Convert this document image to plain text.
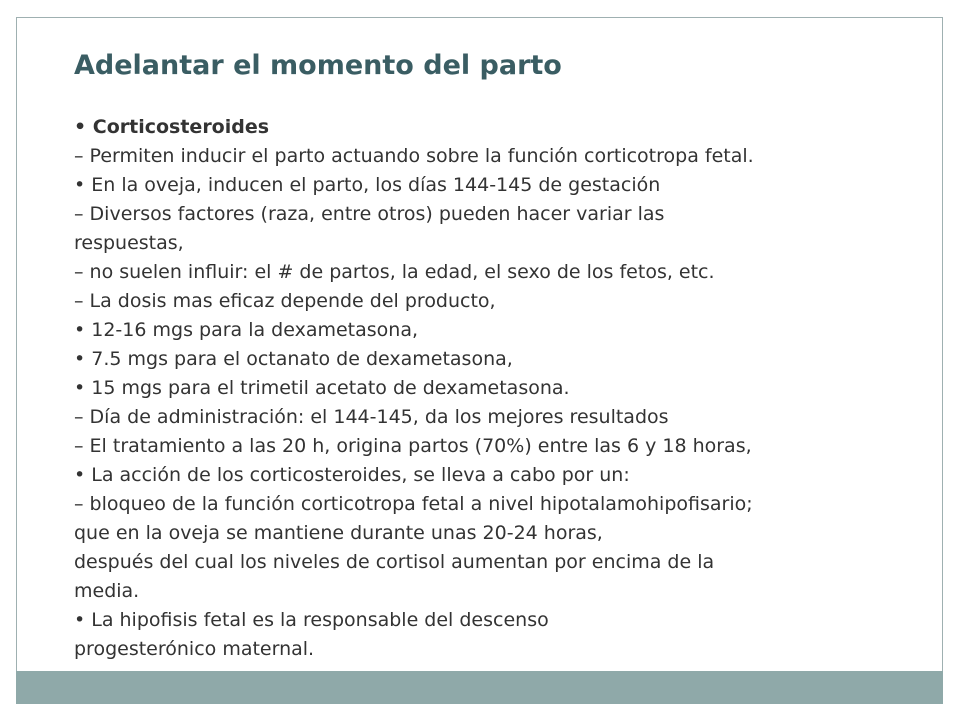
Adelantar el momento del parto
• Corticosteroides
– Permiten inducir el parto actuando sobre la función corticotropa fetal.
• En la oveja, inducen el parto, los días 144-145 de gestación
– Diversos factores (raza, entre otros) pueden hacer variar las
respuestas,
– no suelen influir: el # de partos, la edad, el sexo de los fetos, etc.
– La dosis mas eficaz depende del producto,
• 12-16 mgs para la dexametasona,
• 7.5 mgs para el octanato de dexametasona,
• 15 mgs para el trimetil acetato de dexametasona.
– Día de administración: el 144-145, da los mejores resultados
– El tratamiento a las 20 h, origina partos (70%) entre las 6 y 18 horas,
• La acción de los corticosteroides, se lleva a cabo por un:
– bloqueo de la función corticotropa fetal a nivel hipotalamohipofisario;
que en la oveja se mantiene durante unas 20-24 horas,
después del cual los niveles de cortisol aumentan por encima de la
media.
• La hipofisis fetal es la responsable del descenso
progesterónico maternal.
